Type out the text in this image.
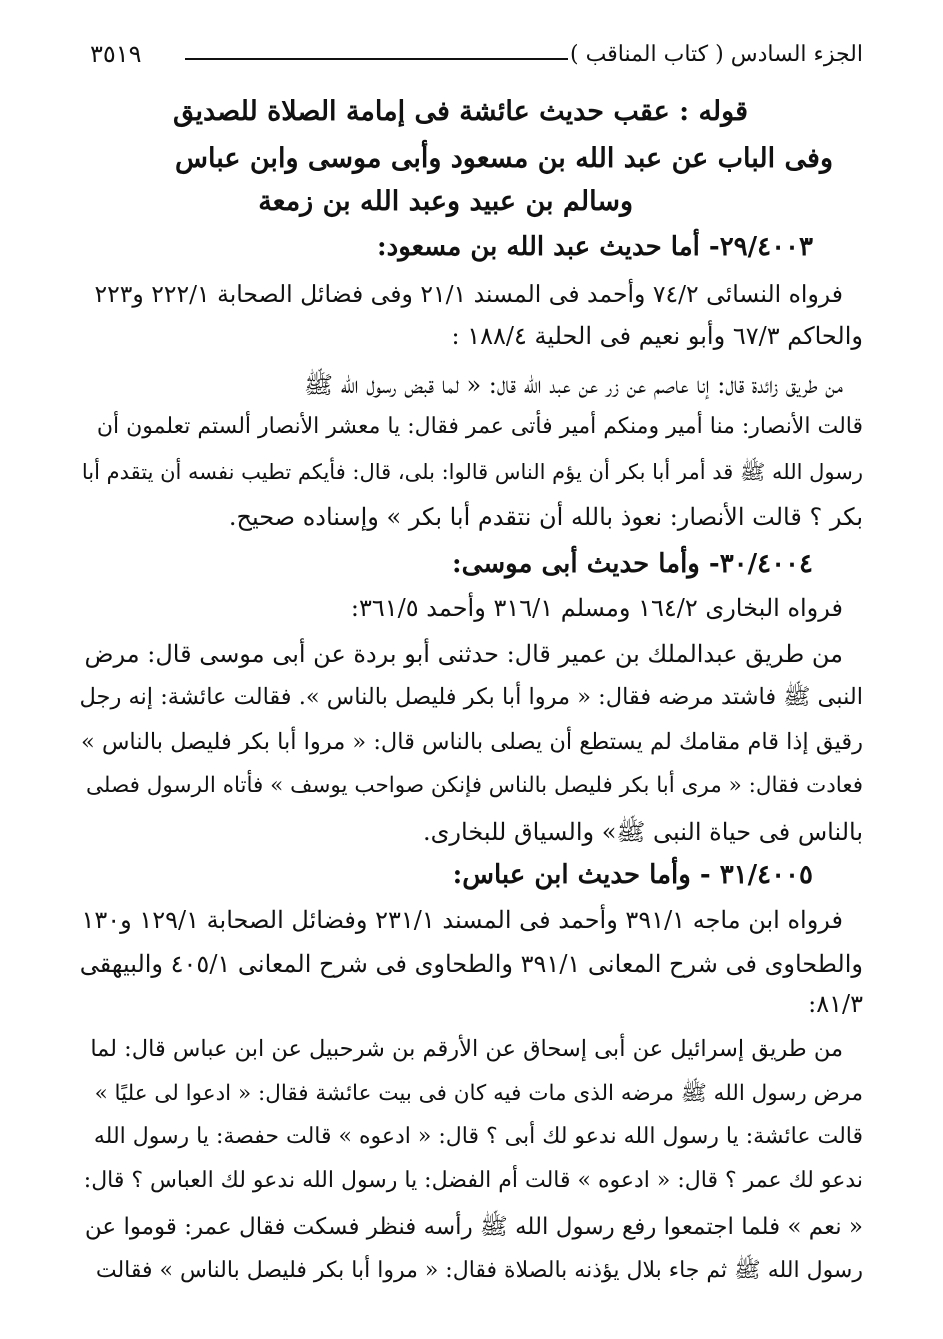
٣٥١٩	الجزء السادس ( كتاب المناقب )
قوله : عقب حديث عائشة فى إمامة الصلاة للصديق
وفى الباب عن عبد الله بن مسعود وأبى موسى وابن عباس
وسالم بن عبيد وعبد الله بن زمعة
٢٩/٤٠٠٣- أما حديث عبد الله بن مسعود:
فرواه النسائى ٧٤/٢ وأحمد فى المسند ٢١/١ وفى فضائل الصحابة ٢٢٢/١ و٢٢٣
والحاكم ٦٧/٣ وأبو نعيم فى الحلية ١٨٨/٤ :
من طريق زائدة قال: إنا عاصم عن زر عن عبد الله قال: « لما قبض رسول الله ﷺ
قالت الأنصار: منا أمير ومنكم أمير فأتى عمر فقال: يا معشر الأنصار ألستم تعلمون أن
رسول الله ﷺ قد أمر أبا بكر أن يؤم الناس قالوا: بلى، قال: فأيكم تطيب نفسه أن يتقدم أبا
بكر ؟ قالت الأنصار: نعوذ بالله أن نتقدم أبا بكر » وإسناده صحيح.
٣٠/٤٠٠٤- وأما حديث أبى موسى:
فرواه البخارى ١٦٤/٢ ومسلم ٣١٦/١ وأحمد ٣٦١/٥:
من طريق عبدالملك بن عمير قال: حدثنى أبو بردة عن أبى موسى قال: مرض
النبى ﷺ فاشتد مرضه فقال: « مروا أبا بكر فليصل بالناس ». فقالت عائشة: إنه رجل
رقيق إذا قام مقامك لم يستطع أن يصلى بالناس قال: « مروا أبا بكر فليصل بالناس »
فعادت فقال: « مرى أبا بكر فليصل بالناس فإنكن صواحب يوسف » فأتاه الرسول فصلى
بالناس فى حياة النبى ﷺ» والسياق للبخارى.
٣١/٤٠٠٥ - وأما حديث ابن عباس:
فرواه ابن ماجه ٣٩١/١ وأحمد فى المسند ٢٣١/١ وفضائل الصحابة ١٢٩/١ و١٣٠
والطحاوى فى شرح المعانى ٣٩١/١ والطحاوى فى شرح المعانى ٤٠٥/١ والبيهقى
٨١/٣:
من طريق إسرائيل عن أبى إسحاق عن الأرقم بن شرحبيل عن ابن عباس قال: لما
مرض رسول الله ﷺ مرضه الذى مات فيه كان فى بيت عائشة فقال: « ادعوا لى عليًا »
قالت عائشة: يا رسول الله ندعو لك أبى ؟ قال: « ادعوه » قالت حفصة: يا رسول الله
ندعو لك عمر ؟ قال: « ادعوه » قالت أم الفضل: يا رسول الله ندعو لك العباس ؟ قال:
« نعم » فلما اجتمعوا رفع رسول الله ﷺ رأسه فنظر فسكت فقال عمر: قوموا عن
رسول الله ﷺ ثم جاء بلال يؤذنه بالصلاة فقال: « مروا أبا بكر فليصل بالناس » فقالت
